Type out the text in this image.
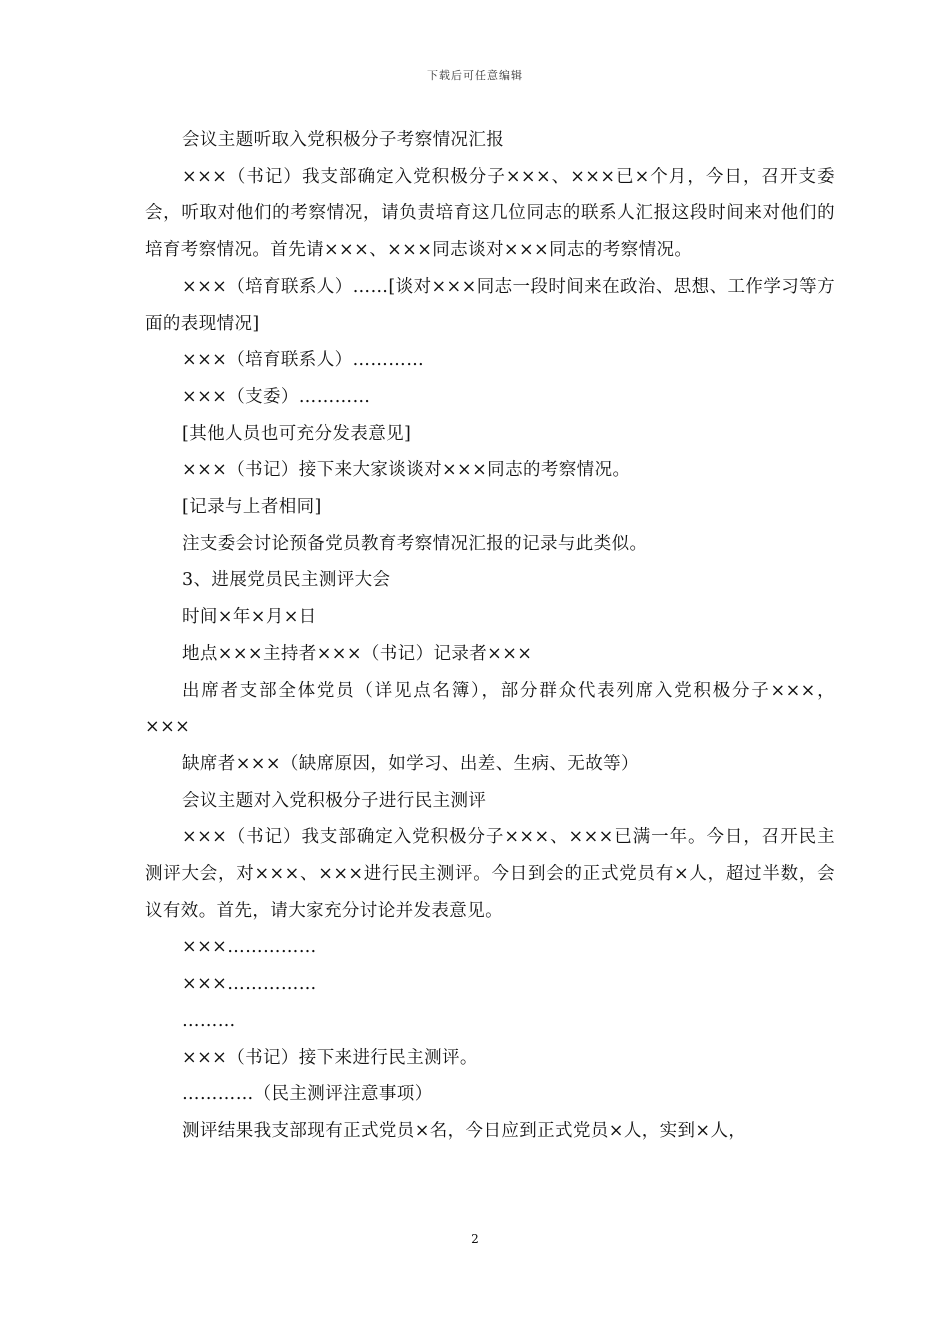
下载后可任意编辑

会议主题听取入党积极分子考察情况汇报

×××（书记）我支部确定入党积极分子×××、×××已×个月，今日，召开支委会，听取对他们的考察情况，请负责培育这几位同志的联系人汇报这段时间来对他们的培育考察情况。首先请×××、×××同志谈对×××同志的考察情况。

×××（培育联系人）……[谈对×××同志一段时间来在政治、思想、工作学习等方面的表现情况]

×××（培育联系人）…………

×××（支委）…………

[其他人员也可充分发表意见]

×××（书记）接下来大家谈谈对×××同志的考察情况。

[记录与上者相同]

注支委会讨论预备党员教育考察情况汇报的记录与此类似。

3、进展党员民主测评大会

时间×年×月×日

地点×××主持者×××（书记）记录者×××

出席者支部全体党员（详见点名簿），部分群众代表列席入党积极分子×××，×××

缺席者×××（缺席原因，如学习、出差、生病、无故等）

会议主题对入党积极分子进行民主测评

×××（书记）我支部确定入党积极分子×××、×××已满一年。今日，召开民主测评大会，对×××、×××进行民主测评。今日到会的正式党员有×人，超过半数，会议有效。首先，请大家充分讨论并发表意见。

×××……………

×××……………

………

×××（书记）接下来进行民主测评。

…………（民主测评注意事项）

测评结果我支部现有正式党员×名，今日应到正式党员×人，实到×人，

2
